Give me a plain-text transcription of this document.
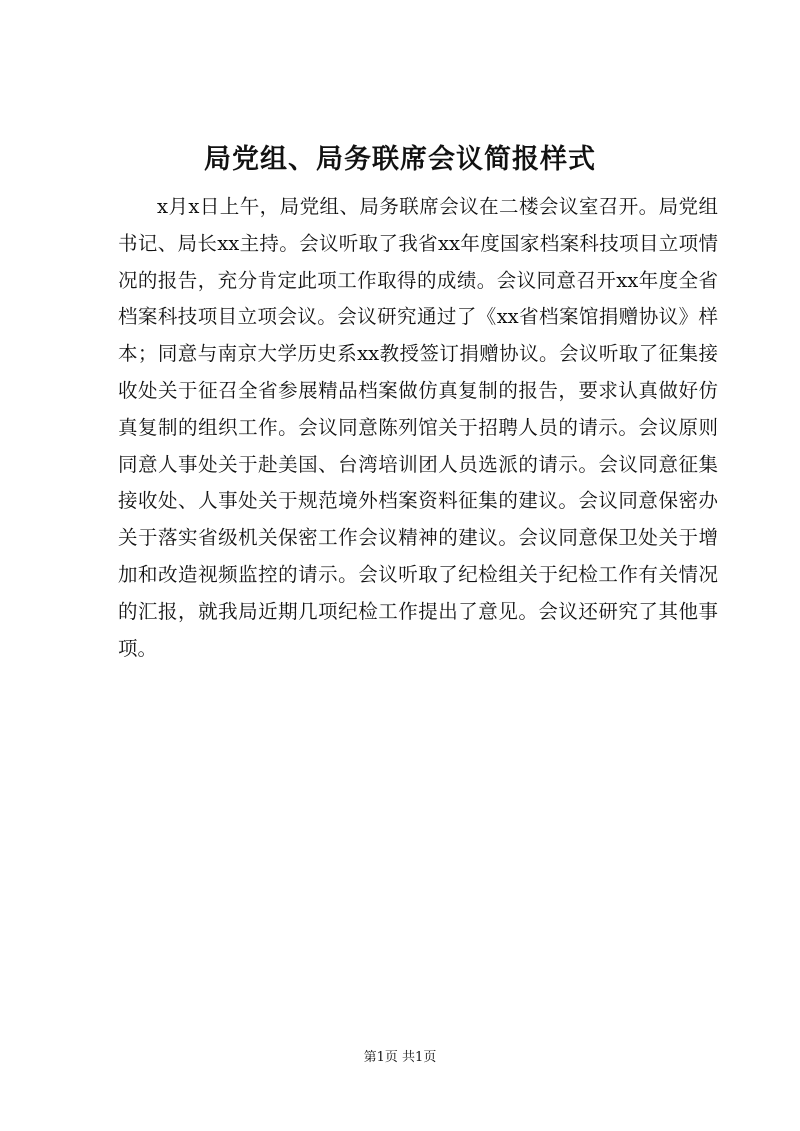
局党组、局务联席会议简报样式

x月x日上午，局党组、局务联席会议在二楼会议室召开。局党组书记、局长xx主持。会议听取了我省xx年度国家档案科技项目立项情况的报告，充分肯定此项工作取得的成绩。会议同意召开xx年度全省档案科技项目立项会议。会议研究通过了《xx省档案馆捐赠协议》样本；同意与南京大学历史系xx教授签订捐赠协议。会议听取了征集接收处关于征召全省参展精品档案做仿真复制的报告，要求认真做好仿真复制的组织工作。会议同意陈列馆关于招聘人员的请示。会议原则同意人事处关于赴美国、台湾培训团人员选派的请示。会议同意征集接收处、人事处关于规范境外档案资料征集的建议。会议同意保密办关于落实省级机关保密工作会议精神的建议。会议同意保卫处关于增加和改造视频监控的请示。会议听取了纪检组关于纪检工作有关情况的汇报，就我局近期几项纪检工作提出了意见。会议还研究了其他事项。

第1页 共1页
